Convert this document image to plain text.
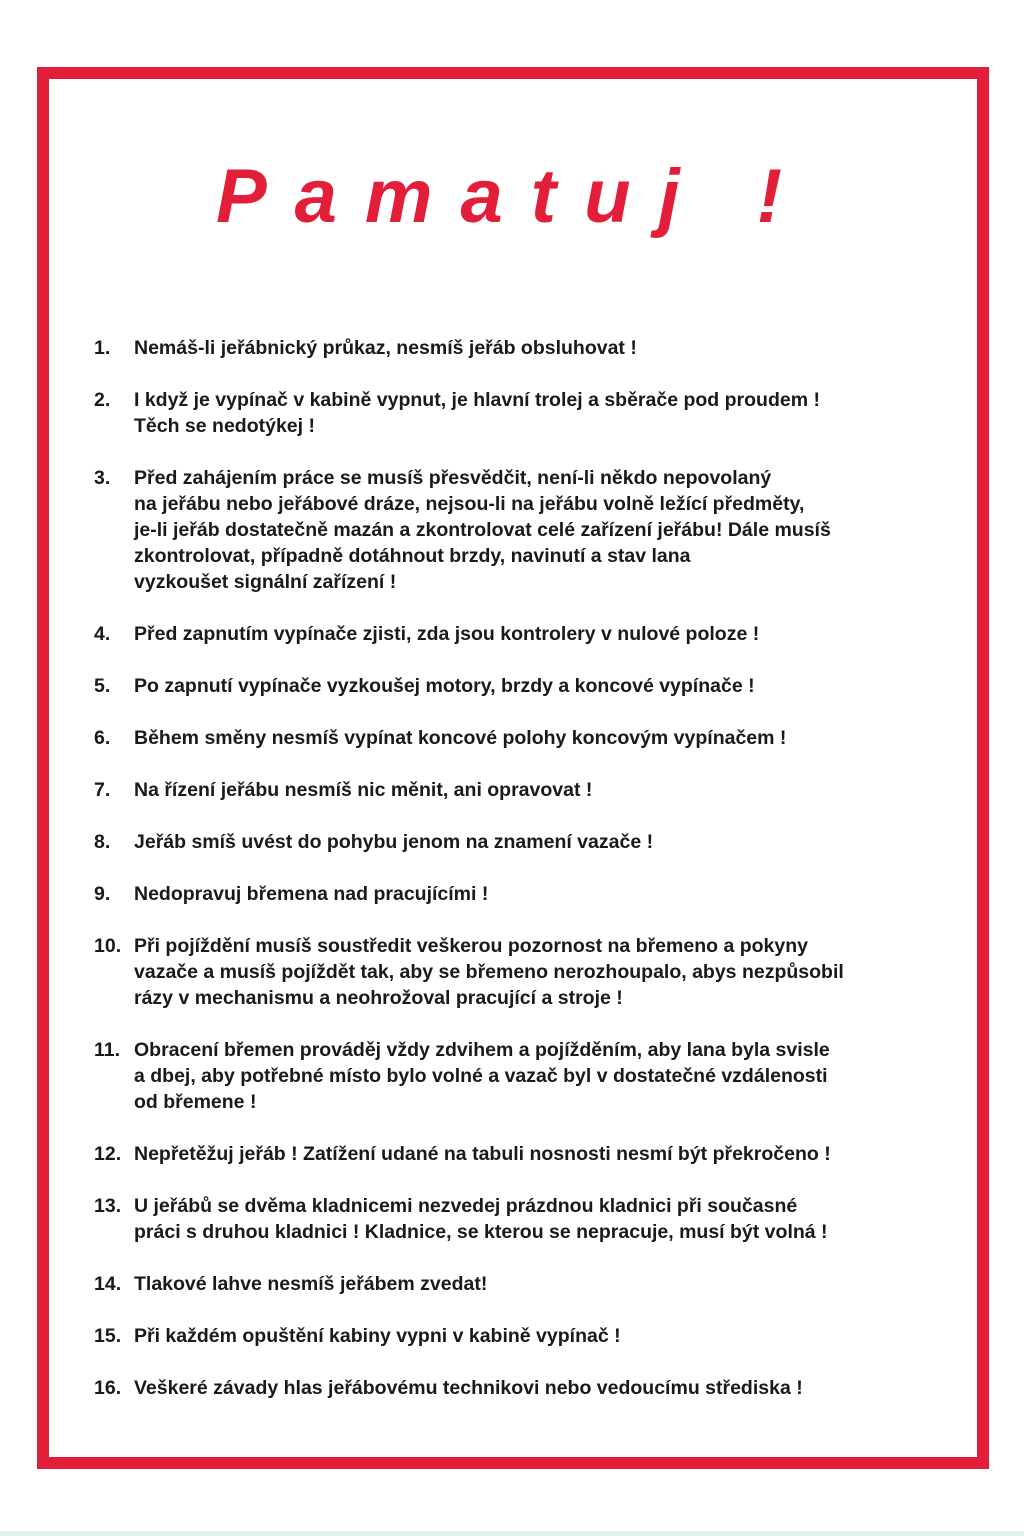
Pamatuj !
1.	Nemáš-li jeřábnický průkaz, nesmíš jeřáb obsluhovat !
2.	I když je vypínač v kabině vypnut, je hlavní trolej a sběrače pod proudem !
Těch se nedotýkej !
3.	Před zahájením práce se musíš přesvědčit, není-li někdo nepovolaný
na jeřábu nebo jeřábové dráze, nejsou-li na jeřábu volně ležící předměty,
je-li jeřáb dostatečně mazán a zkontrolovat celé zařízení jeřábu! Dále musíš
zkontrolovat, případně dotáhnout brzdy, navinutí a stav lana
vyzkoušet signální zařízení !
4.	Před zapnutím vypínače zjisti, zda jsou kontrolery v nulové poloze !
5.	Po zapnutí vypínače vyzkoušej motory, brzdy a koncové vypínače !
6.	Během směny nesmíš vypínat koncové polohy koncovým vypínačem !
7.	Na řízení jeřábu nesmíš nic měnit, ani opravovat !
8.	Jeřáb smíš uvést do pohybu jenom na znamení vazače !
9.	Nedopravuj břemena nad pracujícími !
10. Při pojíždění musíš soustředit veškerou pozornost na břemeno a pokyny
vazače a musíš pojíždět tak, aby se břemeno nerozhoupalo, abys nezpůsobil
rázy v mechanismu a neohrožoval pracující a stroje !
11. Obracení břemen prováděj vždy zdvihem a pojížděním, aby lana byla svisle
a dbej, aby potřebné místo bylo volné a vazač byl v dostatečné vzdálenosti
od břemene !
12. Nepřetěžuj jeřáb ! Zatížení udané na tabuli nosnosti nesmí být překročeno !
13. U jeřábů se dvěma kladnicemi nezvedej prázdnou kladnici při současné
práci s druhou kladnici ! Kladnice, se kterou se nepracuje, musí být volná !
14. Tlakové lahve nesmíš jeřábem zvedat!
15. Při každém opuštění kabiny vypni v kabině vypínač !
16. Veškeré závady hlas jeřábovému technikovi nebo vedoucímu střediska !
